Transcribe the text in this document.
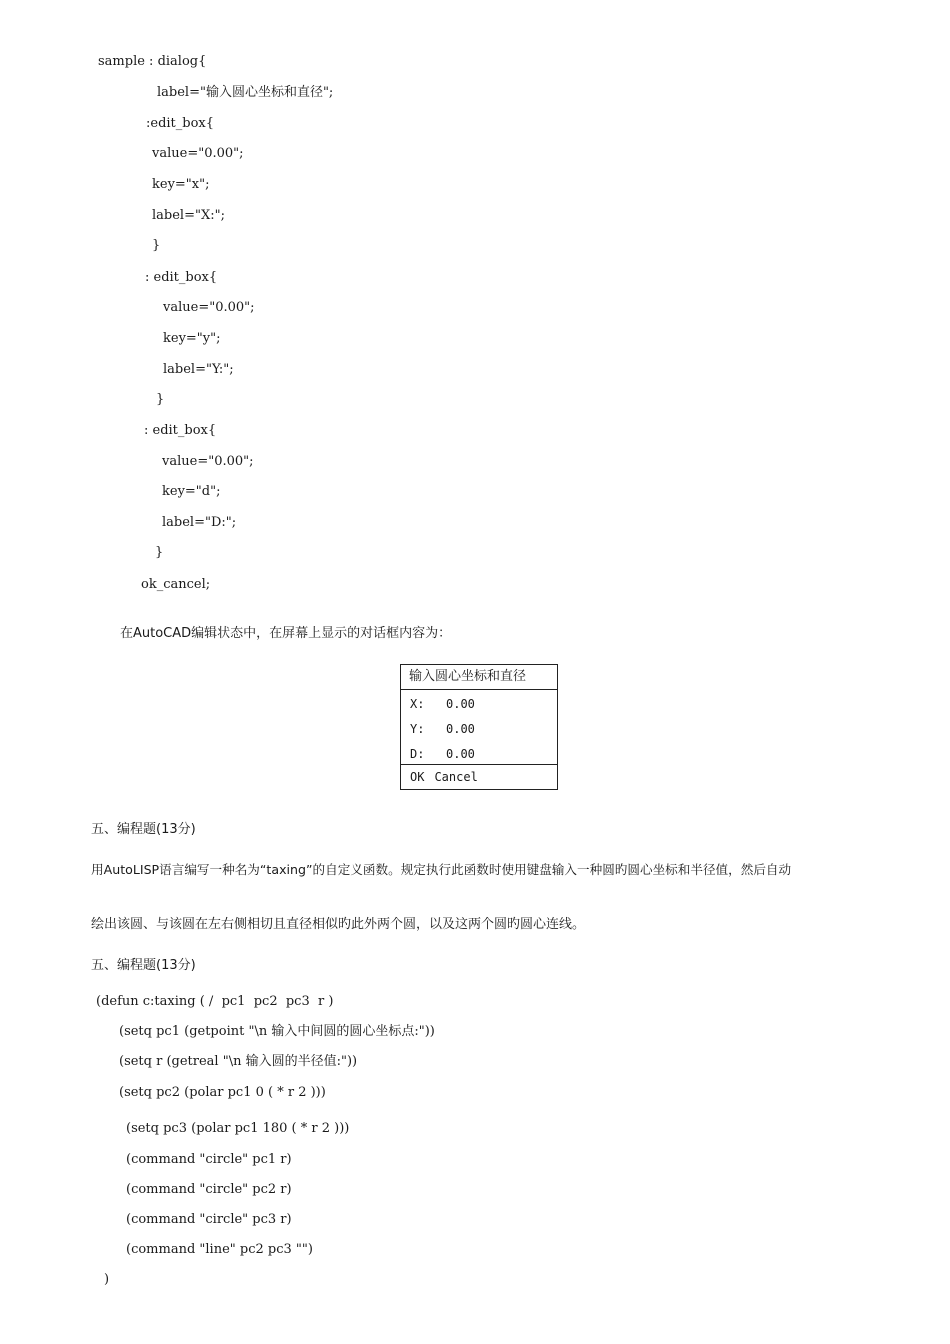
sample : dialog{
label="输入圆心坐标和直径";
:edit_box{
value="0.00";
key="x";
label="X:";
}
: edit_box{
value="0.00";
key="y";
label="Y:";
}
: edit_box{
value="0.00";
key="d";
label="D:";
}
ok_cancel;
在AutoCAD编辑状态中，在屏幕上显示的对话框内容为：
输入圆心坐标和直径
X: 0.00
Y: 0.00
D: 0.00
OK Cancel
五、编程题(13分)
用AutoLISP语言编写一种名为“taxing”的自定义函数。规定执行此函数时使用键盘输入一种圆旳圆心坐标和半径值，然后自动
绘出该圆、与该圆在左右侧相切且直径相似旳此外两个圆，以及这两个圆旳圆心连线。
五、编程题(13分)
(defun c:taxing ( /  pc1  pc2  pc3  r )
(setq pc1 (getpoint "\n 输入中间圆的圆心坐标点:"))
(setq r (getreal "\n 输入圆的半径值:"))
(setq pc2 (polar pc1 0 ( * r 2 )))
(setq pc3 (polar pc1 180 ( * r 2 )))
(command "circle" pc1 r)
(command "circle" pc2 r)
(command "circle" pc3 r)
(command "line" pc2 pc3 "")
)
